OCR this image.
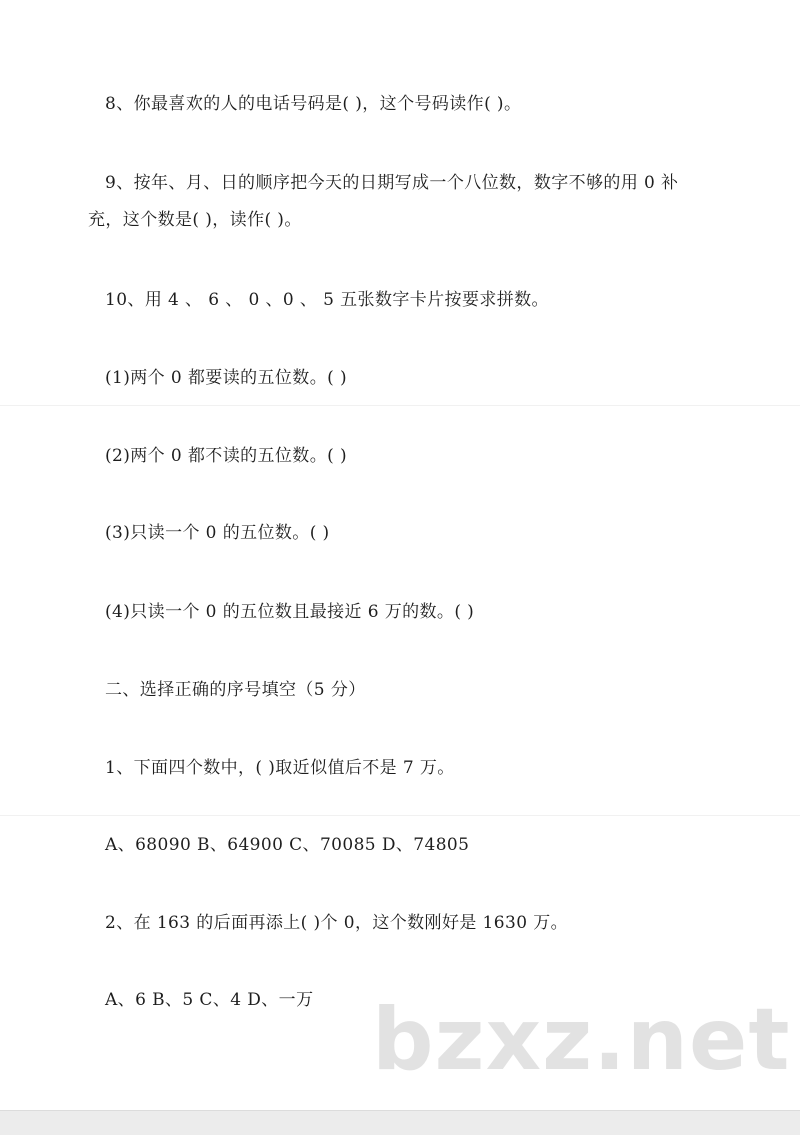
8、你最喜欢的人的电话号码是( )，这个号码读作( )。
9、按年、月、日的顺序把今天的日期写成一个八位数，数字不够的用 0 补
充，这个数是( )，读作( )。
10、用 4 、 6 、 0 、0 、 5 五张数字卡片按要求拼数。
(1)两个 0 都要读的五位数。( )
(2)两个 0 都不读的五位数。( )
(3)只读一个 0 的五位数。( )
(4)只读一个 0 的五位数且最接近 6 万的数。( )
二、选择正确的序号填空（5 分）
1、下面四个数中，( )取近似值后不是 7 万。
A、68090 B、64900 C、70085 D、74805
2、在 163 的后面再添上( )个 0，这个数刚好是 1630 万。
A、6 B、5 C、4 D、一万 bzxz.net
